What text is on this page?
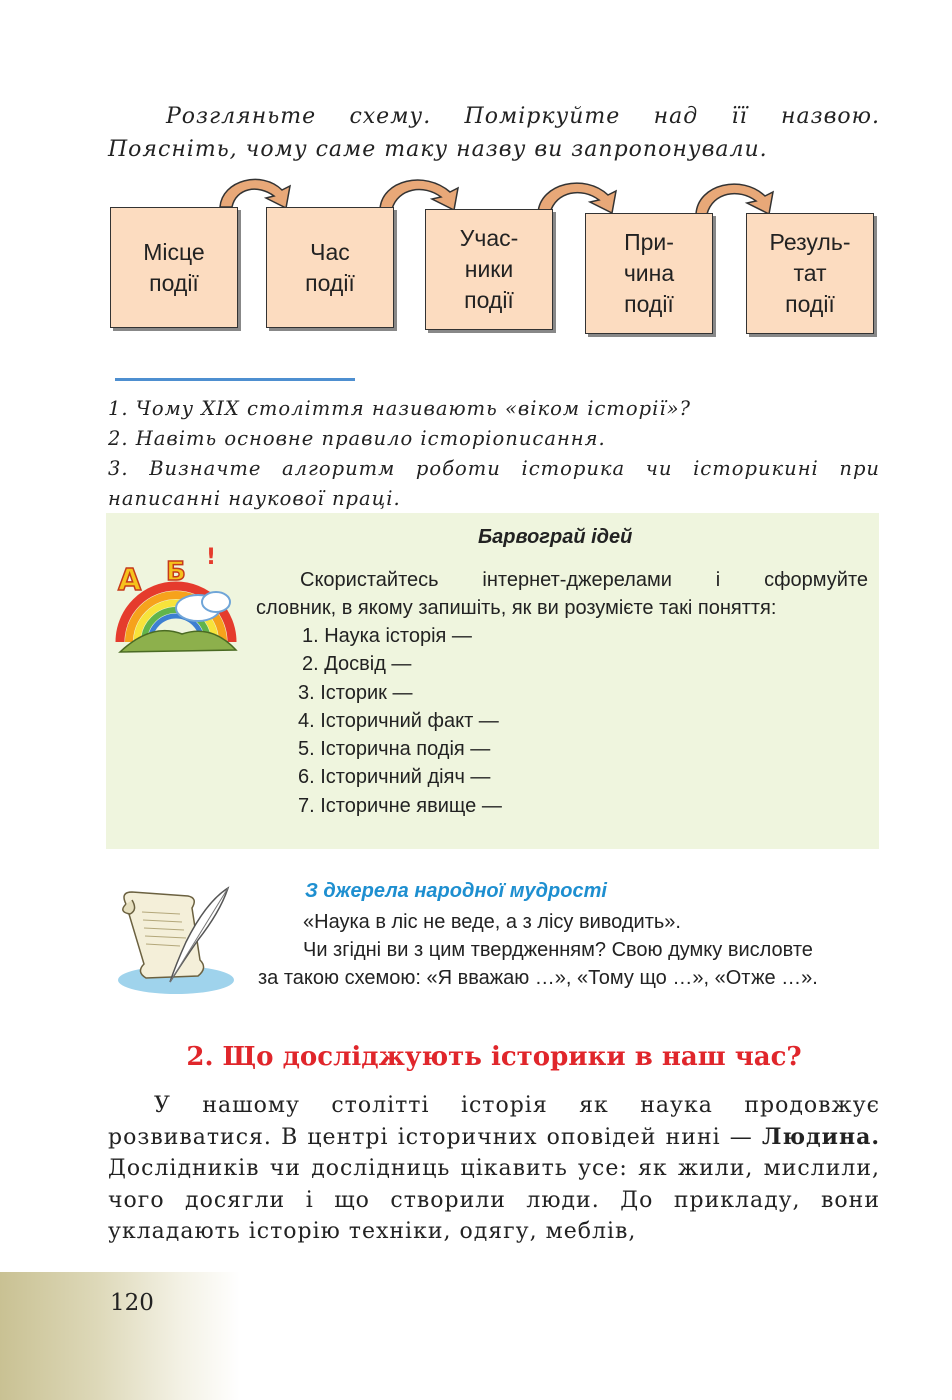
Розгляньте схему. Поміркуйте над її назвою.
Поясніть, чому саме таку назву ви запропонували.
Місце
події
Час
події
Учас-
ники
події
При-
чина
події
Резуль-
тат
події

1. Чому XIX століття називають «віком історії»?

2. Навіть основне правило історіописання.

3. Визначте алгоритм роботи історика чи історикині при

написанні наукової праці.

А Б !
Барвограй ідей
Скористайтесь інтернет-джерелами і сформуйте
словник, в якому запишіть, як ви розумієте такі поняття:
1. Наука історія —
2. Досвід —
3. Історик —
4. Історичний факт —
5. Історична подія —
6. Історичний діяч —
7. Історичне явище —
З джерела народної мудрості
«Наука в ліс не веде, а з лісу виводить».
Чи згідні ви з цим твердженням? Свою думку висловте
за такою схемою: «Я вважаю …», «Тому що …», «Отже …».
2. Що досліджують історики в наш час?
У нашому столітті історія як наука продовжує розвиватися. В центрі історичних оповідей нині — Людина. Дослідників чи дослідниць цікавить усе: як жили, мислили, чого досягли і що створили люди. До прикладу, вони укладають історію техніки, одягу, меблів,
120
